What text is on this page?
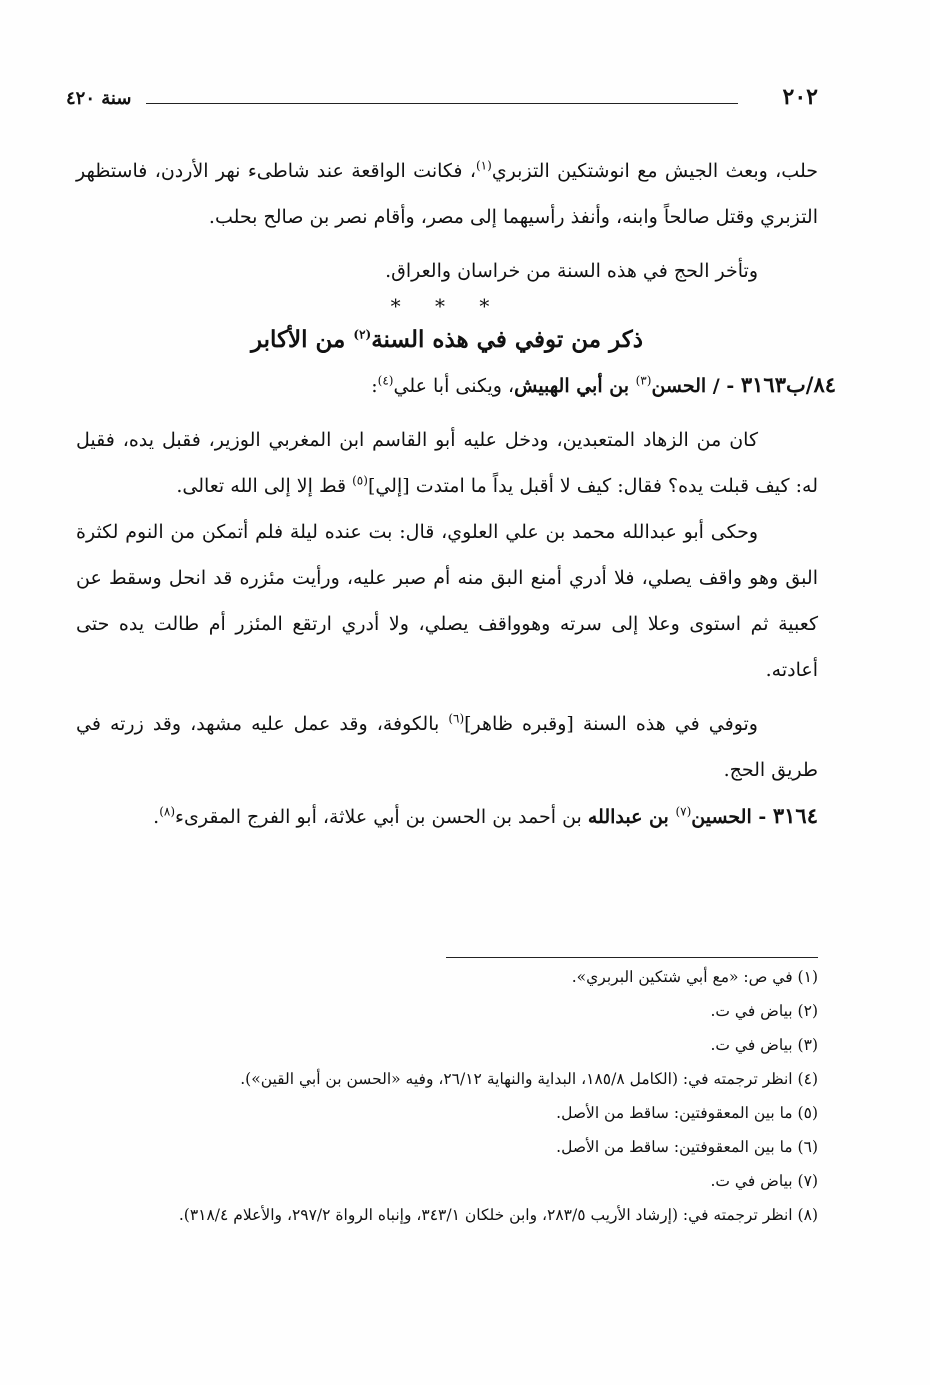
٢٠٢
سنة ٤٢٠

حلب، وبعث الجيش مع انوشتكين التزبري$^{(١)}$، فكانت الواقعة عند شاطىء نهر الأردن، فاستظهر التزبري وقتل صالحاً وابنه، وأنفذ رأسيهما إلى مصر، وأقام نصر بن صالح بحلب.

وتأخر الحج في هذه السنة من خراسان والعراق.

* * *

ذكر من توفي في هذه السنة$^{(٢)}$ من الأكابر

٨٤/ب٣١٦٣ - / الحسن$^{(٣)}$ بن أبي الهبيش، ويكنى أبا علي$^{(٤)}$:

كان من الزهاد المتعبدين، ودخل عليه أبو القاسم ابن المغربي الوزير، فقبل يده، فقيل له: كيف قبلت يده؟ فقال: كيف لا أقبل يداً ما امتدت [إلي]$^{(٥)}$ قط إلا إلى الله تعالى.

وحكى أبو عبدالله محمد بن علي العلوي، قال: بت عنده ليلة فلم أتمكن من النوم لكثرة البق وهو واقف يصلي، فلا أدري أمنع البق منه أم صبر عليه، ورأيت مئزره قد انحل وسقط عن كعبية ثم استوى وعلا إلى سرته وهوواقف يصلي، ولا أدري ارتقع المئزر أم طالت يده حتى أعادته.

وتوفي في هذه السنة [وقبره ظاهر]$^{(٦)}$ بالكوفة، وقد عمل عليه مشهد، وقد زرته في طريق الحج.

٣١٦٤ - الحسين$^{(٧)}$ بن عبدالله بن أحمد بن الحسن بن أبي علاثة، أبو الفرج المقرىء$^{(٨)}$.

(١) في ص: «مع أبي شتكين البربري».

(٢) بياض في ت.

(٣) بياض في ت.

(٤) انظر ترجمته في: (الكامل ١٨٥/٨، البداية والنهاية ٢٦/١٢، وفيه «الحسن بن أبي القين»).

(٥) ما بين المعقوفتين: ساقط من الأصل.

(٦) ما بين المعقوفتين: ساقط من الأصل.

(٧) بياض في ت.

(٨) انظر ترجمته في: (إرشاد الأريب ٢٨٣/٥، وابن خلكان ٣٤٣/١، وإنباه الرواة ٢٩٧/٢، والأعلام ٣١٨/٤).
